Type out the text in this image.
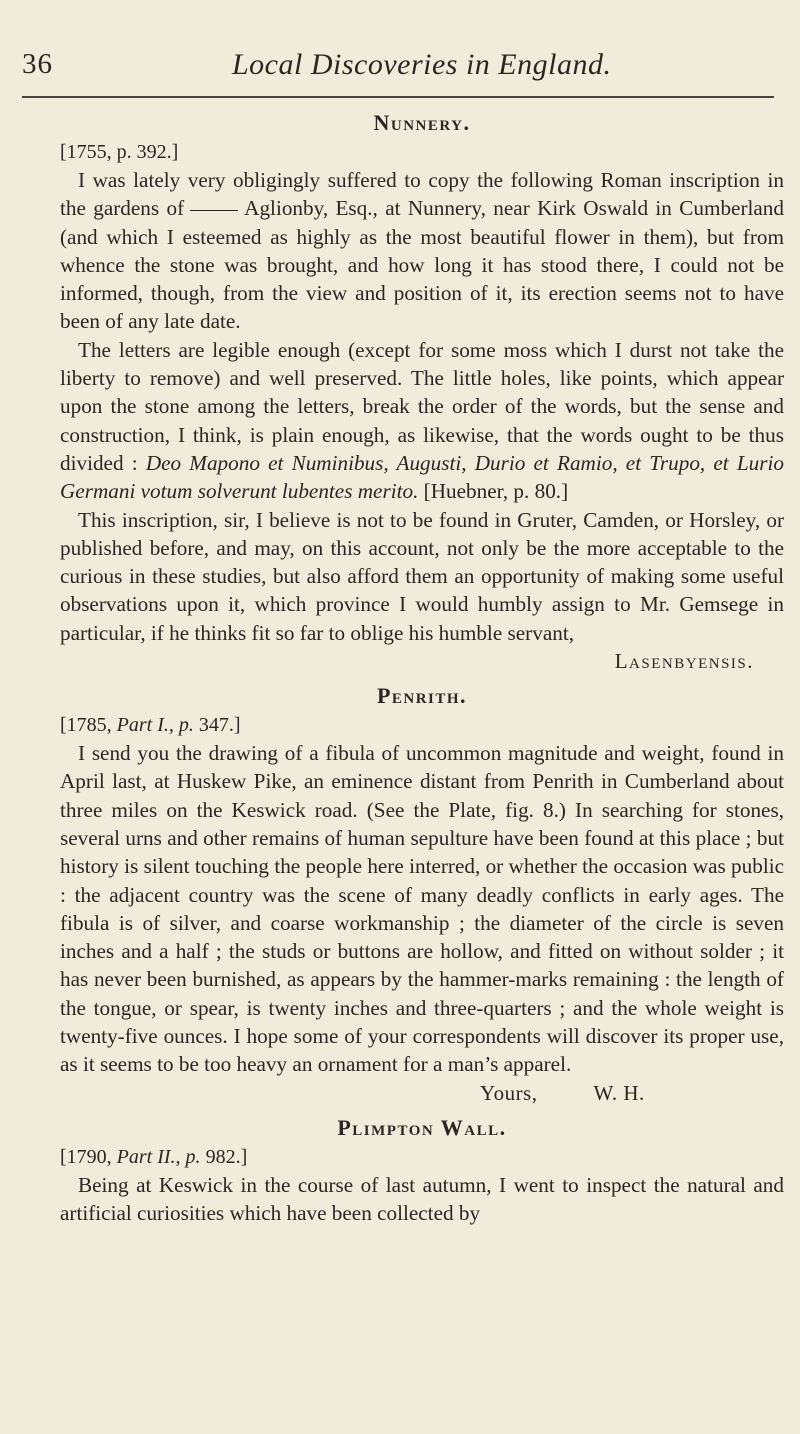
36	Local Discoveries in England.
Nunnery.

[1755, p. 392.]

I was lately very obligingly suffered to copy the following Roman inscription in the gardens of	Aglionby, Esq., at Nunnery, near Kirk Oswald in Cumberland (and which I esteemed as highly as the most beautiful flower in them), but from whence the stone was brought, and how long it has stood there, I could not be informed, though, from the view and position of it, its erection seems not to have been of any late date.

The letters are legible enough (except for some moss which I durst not take the liberty to remove) and well preserved. The little holes, like points, which appear upon the stone among the letters, break the order of the words, but the sense and construction, I think, is plain enough, as likewise, that the words ought to be thus divided : Deo Mapono et Numinibus, Augusti, Durio et Ramio, et Trupo, et Lurio Germani votum solverunt lubentes merito. [Huebner, p. 80.]

This inscription, sir, I believe is not to be found in Gruter, Camden, or Horsley, or published before, and may, on this account, not only be the more acceptable to the curious in these studies, but also afford them an opportunity of making some useful observations upon it, which province I would humbly assign to Mr. Gemsege in particular, if he thinks fit so far to oblige his humble servant,

Lasenbyensis.

Penrith.

[1785, Part I., p. 347.]

I send you the drawing of a fibula of uncommon magnitude and weight, found in April last, at Huskew Pike, an eminence distant from Penrith in Cumberland about three miles on the Keswick road. (See the Plate, fig. 8.) In searching for stones, several urns and other remains of human sepulture have been found at this place ; but history is silent touching the people here interred, or whether the occasion was public : the adjacent country was the scene of many deadly conflicts in early ages. The fibula is of silver, and coarse workmanship ; the diameter of the circle is seven inches and a half ; the studs or buttons are hollow, and fitted on without solder ; it has never been burnished, as appears by the hammer-marks remaining : the length of the tongue, or spear, is twenty inches and three-quarters ; and the whole weight is twenty-five ounces. I hope some of your correspondents will discover its proper use, as it seems to be too heavy an ornament for a man’s apparel.

Yours,	W. H.

Plimpton Wall.

[1790, Part II., p. 982.]

Being at Keswick in the course of last autumn, I went to inspect the natural and artificial curiosities which have been collected by
